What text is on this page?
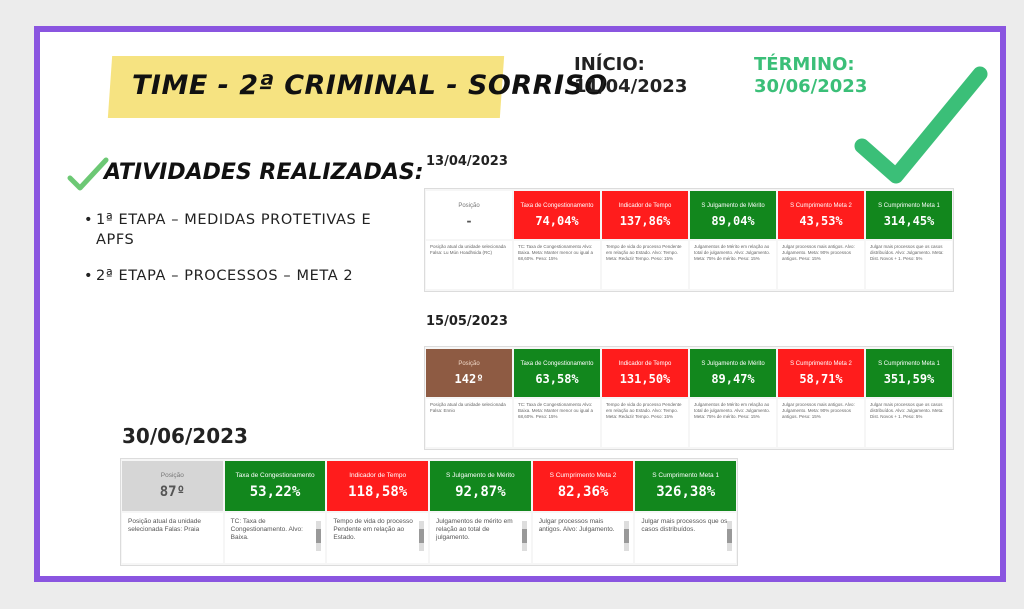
TIME - 2ª CRIMINAL - SORRISO
INÍCIO:
11/04/2023
TÉRMINO:
30/06/2023
ATIVIDADES REALIZADAS:
• 1ª ETAPA – MEDIDAS PROTETIVAS E APFS
• 2ª ETAPA – PROCESSOS – META 2
13/04/2023
Posição
-
Posição atual da unidade selecionada Falsa: Lu Mún Hoadhsida (RC)
Taxa de Congestionamento
74,04%
TC: Taxa de Congestionamento Alvo: Baixa. Meta: Manter menor ou igual a 68,60%. Peso: 15%
Indicador de Tempo
137,86%
Tempo de vida do processo Pendente em relação ao Estado. Alvo: Tempo. Meta: Reduzir Tempo. Peso: 15%
S Julgamento de Mérito
89,04%
Julgamentos de Mérito em relação ao total de julgamento. Alvo: Julgamento. Meta: 75% de mérito. Peso: 15%
S Cumprimento Meta 2
43,53%
Julgar processos mais antigos. Alvo: Julgamento. Meta: 90% processos antigos. Peso: 15%
S Cumprimento Meta 1
314,45%
Julgar mais processos que os casos distribuídos. Alvo: Julgamento. Meta: Dist. Novos + 1. Peso: 5%
15/05/2023
Posição
142º
Posição atual da unidade selecionada Falsa: Ennio
Taxa de Congestionamento
63,58%
TC: Taxa de Congestionamento Alvo: Baixa. Meta: Manter menor ou igual a 68,60%. Peso: 15%
Indicador de Tempo
131,50%
Tempo de vida do processo Pendente em relação ao Estado. Alvo: Tempo. Meta: Reduzir Tempo. Peso: 15%
S Julgamento de Mérito
89,47%
Julgamentos de Mérito em relação ao total de julgamento. Alvo: Julgamento. Meta: 75% de mérito. Peso: 15%
S Cumprimento Meta 2
58,71%
Julgar processos mais antigos. Alvo: Julgamento. Meta: 90% processos antigos. Peso: 15%
S Cumprimento Meta 1
351,59%
Julgar mais processos que os casos distribuídos. Alvo: Julgamento. Meta: Dist. Novos + 1. Peso: 5%
30/06/2023
Posição
87º
Posição atual da unidade selecionada Falas: Praia
Taxa de Congestionamento
53,22%
TC: Taxa de Congestionamento. Alvo: Baixa.
Indicador de Tempo
118,58%
Tempo de vida do processo Pendente em relação ao Estado.
S Julgamento de Mérito
92,87%
Julgamentos de mérito em relação ao total de julgamento.
S Cumprimento Meta 2
82,36%
Julgar processos mais antigos. Alvo: Julgamento.
S Cumprimento Meta 1
326,38%
Julgar mais processos que os casos distribuídos.
